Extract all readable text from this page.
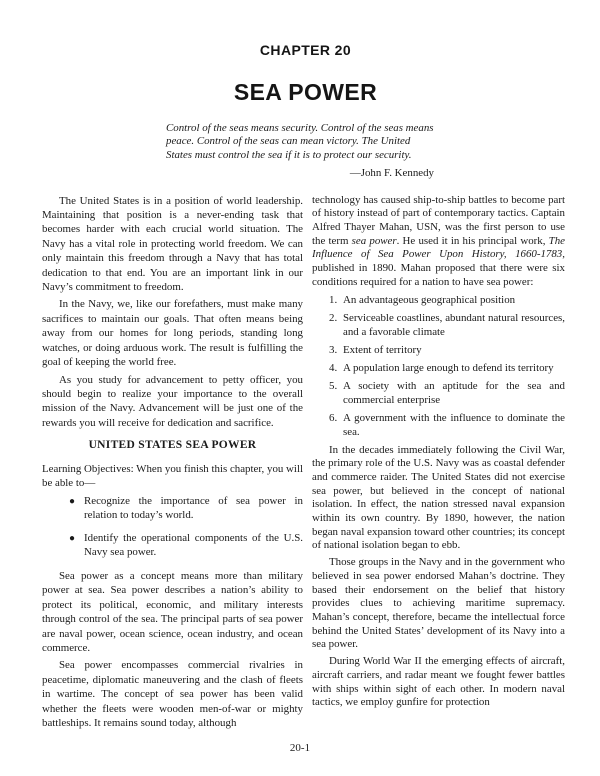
CHAPTER 20
SEA POWER

Control of the seas means security. Control of the seas means peace. Control of the seas can mean victory. The United States must control the sea if it is to protect our security.

—John F. Kennedy

The United States is in a position of world leadership. Maintaining that position is a never-ending task that becomes harder with each crucial world situation. The Navy has a vital role in protecting world freedom. We can only maintain this freedom through a Navy that has total dedication to that end. You are an important link in our Navy’s commitment to freedom.

In the Navy, we, like our forefathers, must make many sacrifices to maintain our goals. That often means being away from our homes for long periods, standing long watches, or doing arduous work. The result is fulfilling the goal of keeping the world free.

As you study for advancement to petty officer, you should begin to realize your importance to the overall mission of the Navy. Advancement will be just one of the rewards you will receive for dedication and sacrifice.

UNITED STATES SEA POWER

Learning Objectives: When you finish this chapter, you will be able to—

● Recognize the importance of sea power in relation to today’s world.
● Identify the operational components of the U.S. Navy sea power.

Sea power as a concept means more than military power at sea. Sea power describes a nation’s ability to protect its political, economic, and military interests through control of the sea. The principal parts of sea power are naval power, ocean science, ocean industry, and ocean commerce.

Sea power encompasses commercial rivalries in peacetime, diplomatic maneuvering and the clash of fleets in wartime. The concept of sea power has been valid whether the fleets were wooden men-of-war or mighty battleships. It remains sound today, although

technology has caused ship-to-ship battles to become part of history instead of part of contemporary tactics. Captain Alfred Thayer Mahan, USN, was the first person to use the term sea power. He used it in his principal work, The Influence of Sea Power Upon History, 1660-1783, published in 1890. Mahan proposed that there were six conditions required for a nation to have sea power:

1. An advantageous geographical position
2. Serviceable coastlines, abundant natural resources, and a favorable climate
3. Extent of territory
4. A population large enough to defend its territory
5. A society with an aptitude for the sea and commercial enterprise
6. A government with the influence to dominate the sea.

In the decades immediately following the Civil War, the primary role of the U.S. Navy was as coastal defender and commerce raider. The United States did not exercise sea power, but believed in the concept of national isolation. In effect, the nation stressed naval expansion within its own country. By 1890, however, the nation began naval expansion toward other countries; its concept of national isolation began to ebb.

Those groups in the Navy and in the government who believed in sea power endorsed Mahan’s doctrine. They based their endorsement on the belief that history provides clues to achieving maritime supremacy. Mahan’s concept, therefore, became the intellectual force behind the United States’ development of its Navy into a sea power.

During World War II the emerging effects of aircraft, aircraft carriers, and radar meant we fought fewer battles with ships within sight of each other. In modern naval tactics, we employ gunfire for protection

20-1
